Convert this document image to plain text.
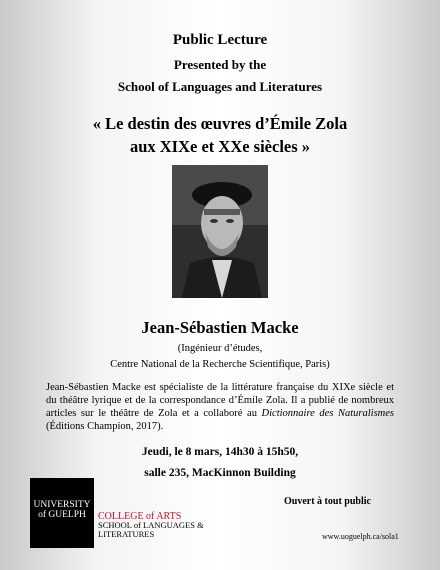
Public Lecture
Presented by the
School of Languages and Literatures
« Le destin des œuvres d’Émile Zola
aux XIXe et XXe siècles »
Jean-Sébastien Macke
(Ingénieur d’études,
Centre National de la Recherche Scientifique, Paris)
Jean-Sébastien Macke est spécialiste de la littérature française du XIXe siècle et du théâtre lyrique et de la correspondance d’Émile Zola. Il a publié de nombreux articles sur le théâtre de Zola et a collaboré au Dictionnaire des Naturalismes (Éditions Champion, 2017).
Jeudi, le 8 mars, 14h30 à 15h50,
salle 235, MacKinnon Building
UNIVERSITY
of GUELPH	COLLEGE of ARTS
SCHOOL of LANGUAGES &
LITERATURES
Ouvert à tout public
www.uoguelph.ca/sola1
